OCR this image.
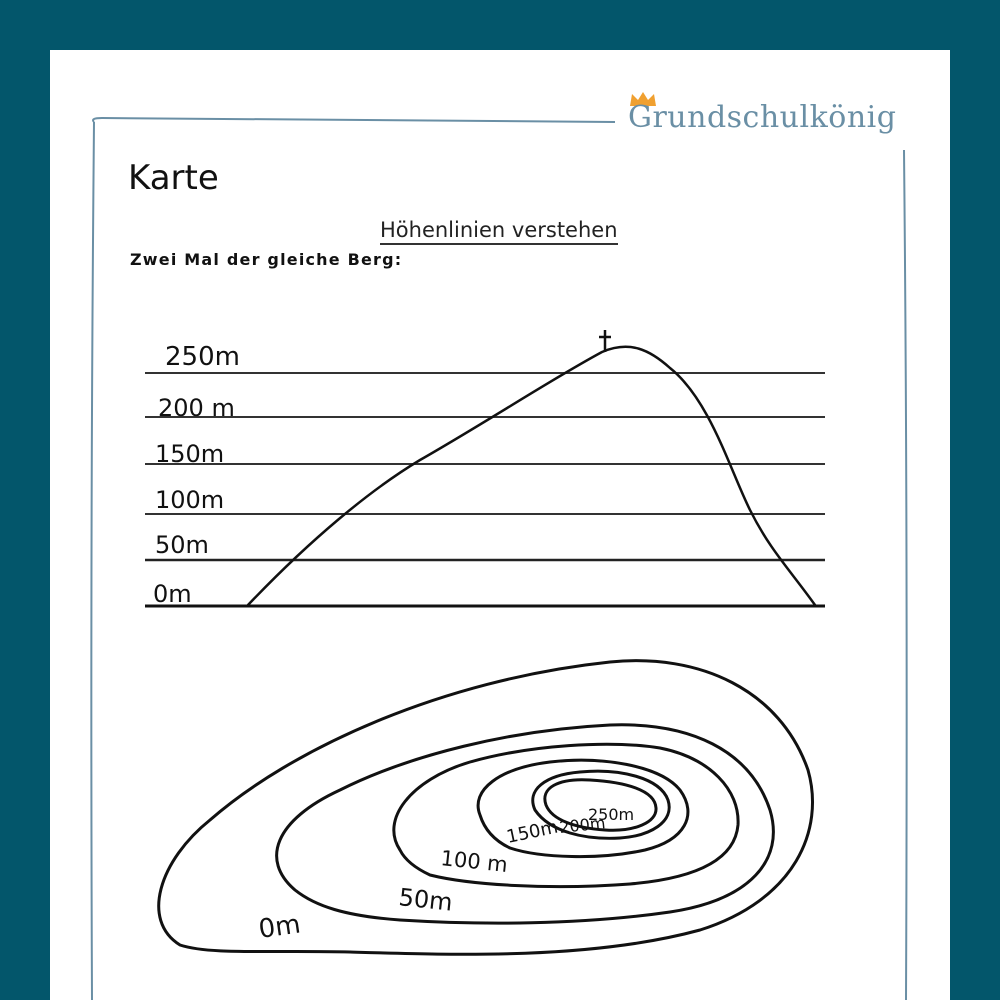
Grundschulkönig
Karte
Höhenlinien verstehen
Zwei Mal der gleiche Berg:
250m
200 m
150m
100m
50m
0m
0m
50m
100 m
150m
200m
250m
